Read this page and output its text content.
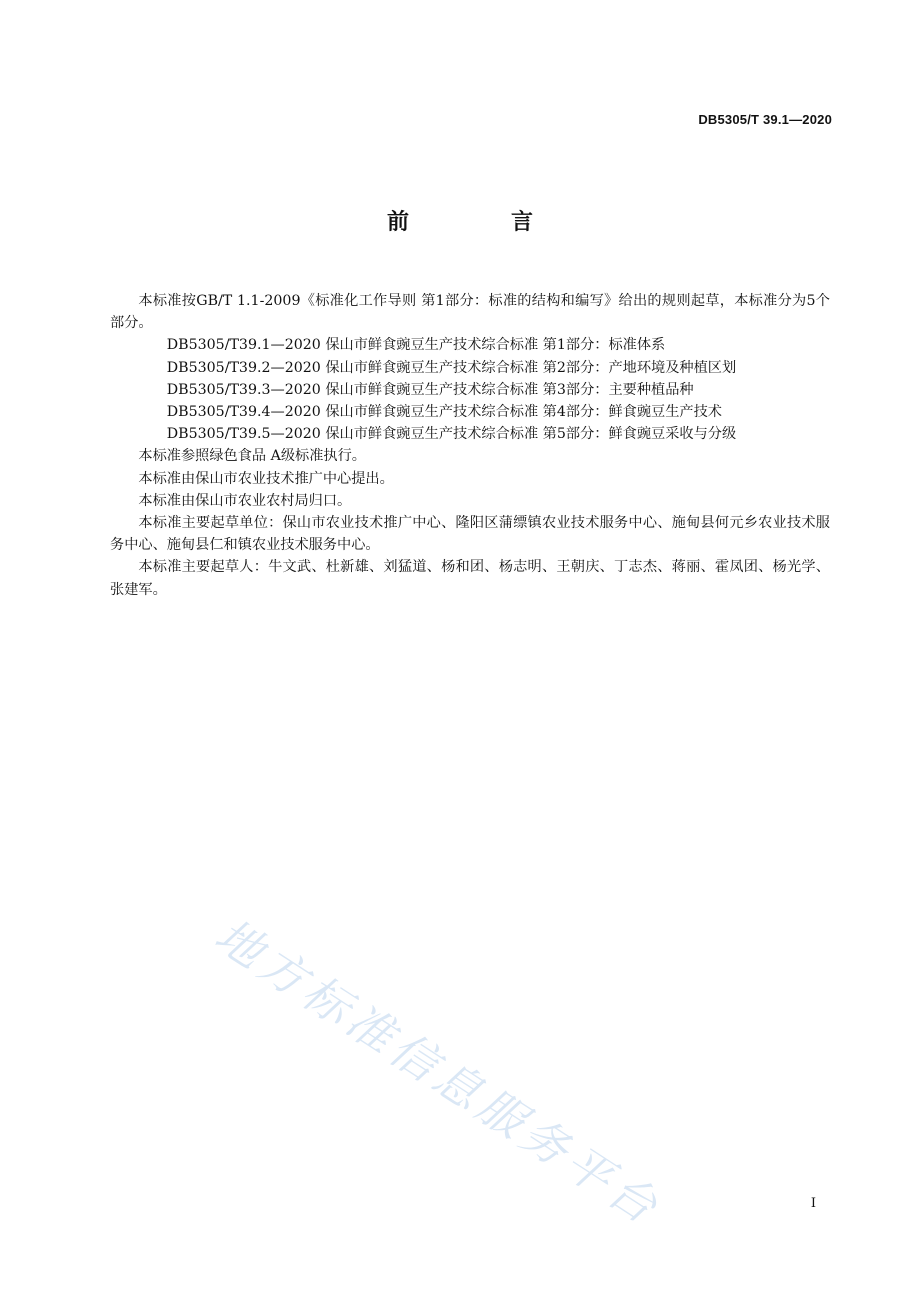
DB5305/T 39.1—2020
前　言

本标准按GB/T 1.1-2009《标准化工作导则 第1部分：标准的结构和编写》给出的规则起草，本标准分为5个部分。

DB5305/T39.1—2020 保山市鲜食豌豆生产技术综合标准 第1部分：标准体系
DB5305/T39.2—2020 保山市鲜食豌豆生产技术综合标准 第2部分：产地环境及种植区划
DB5305/T39.3—2020 保山市鲜食豌豆生产技术综合标准 第3部分：主要种植品种
DB5305/T39.4—2020 保山市鲜食豌豆生产技术综合标准 第4部分：鲜食豌豆生产技术
DB5305/T39.5—2020 保山市鲜食豌豆生产技术综合标准 第5部分：鲜食豌豆采收与分级

本标准参照绿色食品 A级标准执行。

本标准由保山市农业技术推广中心提出。

本标准由保山市农业农村局归口。

本标准主要起草单位：保山市农业技术推广中心、隆阳区蒲缥镇农业技术服务中心、施甸县何元乡农业技术服务中心、施甸县仁和镇农业技术服务中心。

本标准主要起草人：牛文武、杜新雄、刘猛道、杨和团、杨志明、王朝庆、丁志杰、蒋丽、霍凤团、杨光学、张建军。

地方标准信息服务平台	I
